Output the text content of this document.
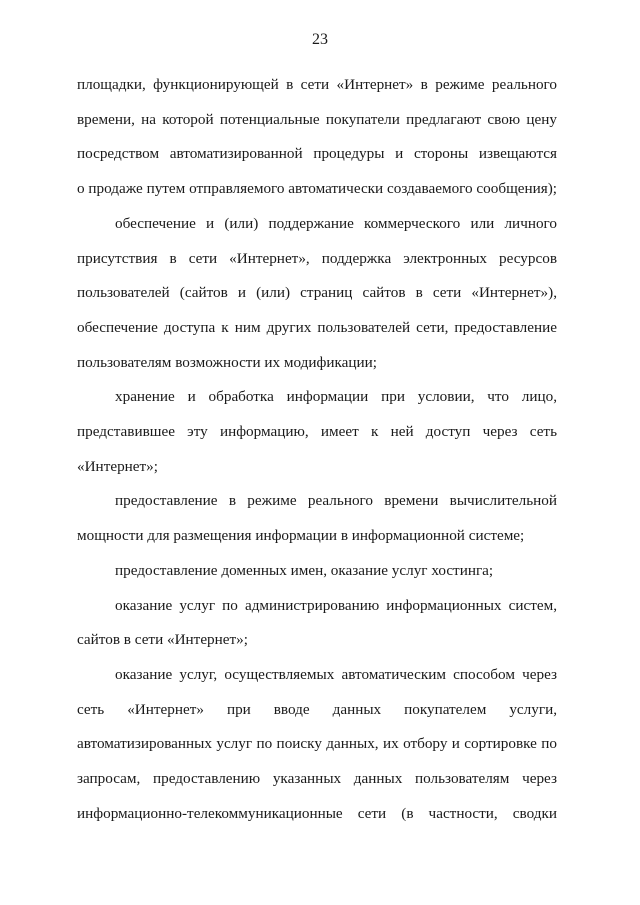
23

площадки, функционирующей в сети «Интернет» в режиме реального
времени, на которой потенциальные покупатели предлагают свою цену
посредством автоматизированной процедуры и стороны извещаются
о продаже путем отправляемого автоматически создаваемого сообщения);

обеспечение и (или) поддержание коммерческого или личного
присутствия в сети «Интернет», поддержка электронных ресурсов
пользователей (сайтов и (или) страниц сайтов в сети «Интернет»),
обеспечение доступа к ним других пользователей сети, предоставление
пользователям возможности их модификации;

хранение и обработка информации при условии, что лицо,
представившее эту информацию, имеет к ней доступ через сеть
«Интернет»;

предоставление в режиме реального времени вычислительной
мощности для размещения информации в информационной системе;

предоставление доменных имен, оказание услуг хостинга;

оказание услуг по администрированию информационных систем,
сайтов в сети «Интернет»;

оказание услуг, осуществляемых автоматическим способом через
сеть «Интернет» при вводе данных покупателем услуги,
автоматизированных услуг по поиску данных, их отбору и сортировке по
запросам, предоставлению указанных данных пользователям через
информационно-телекоммуникационные сети (в частности, сводки
